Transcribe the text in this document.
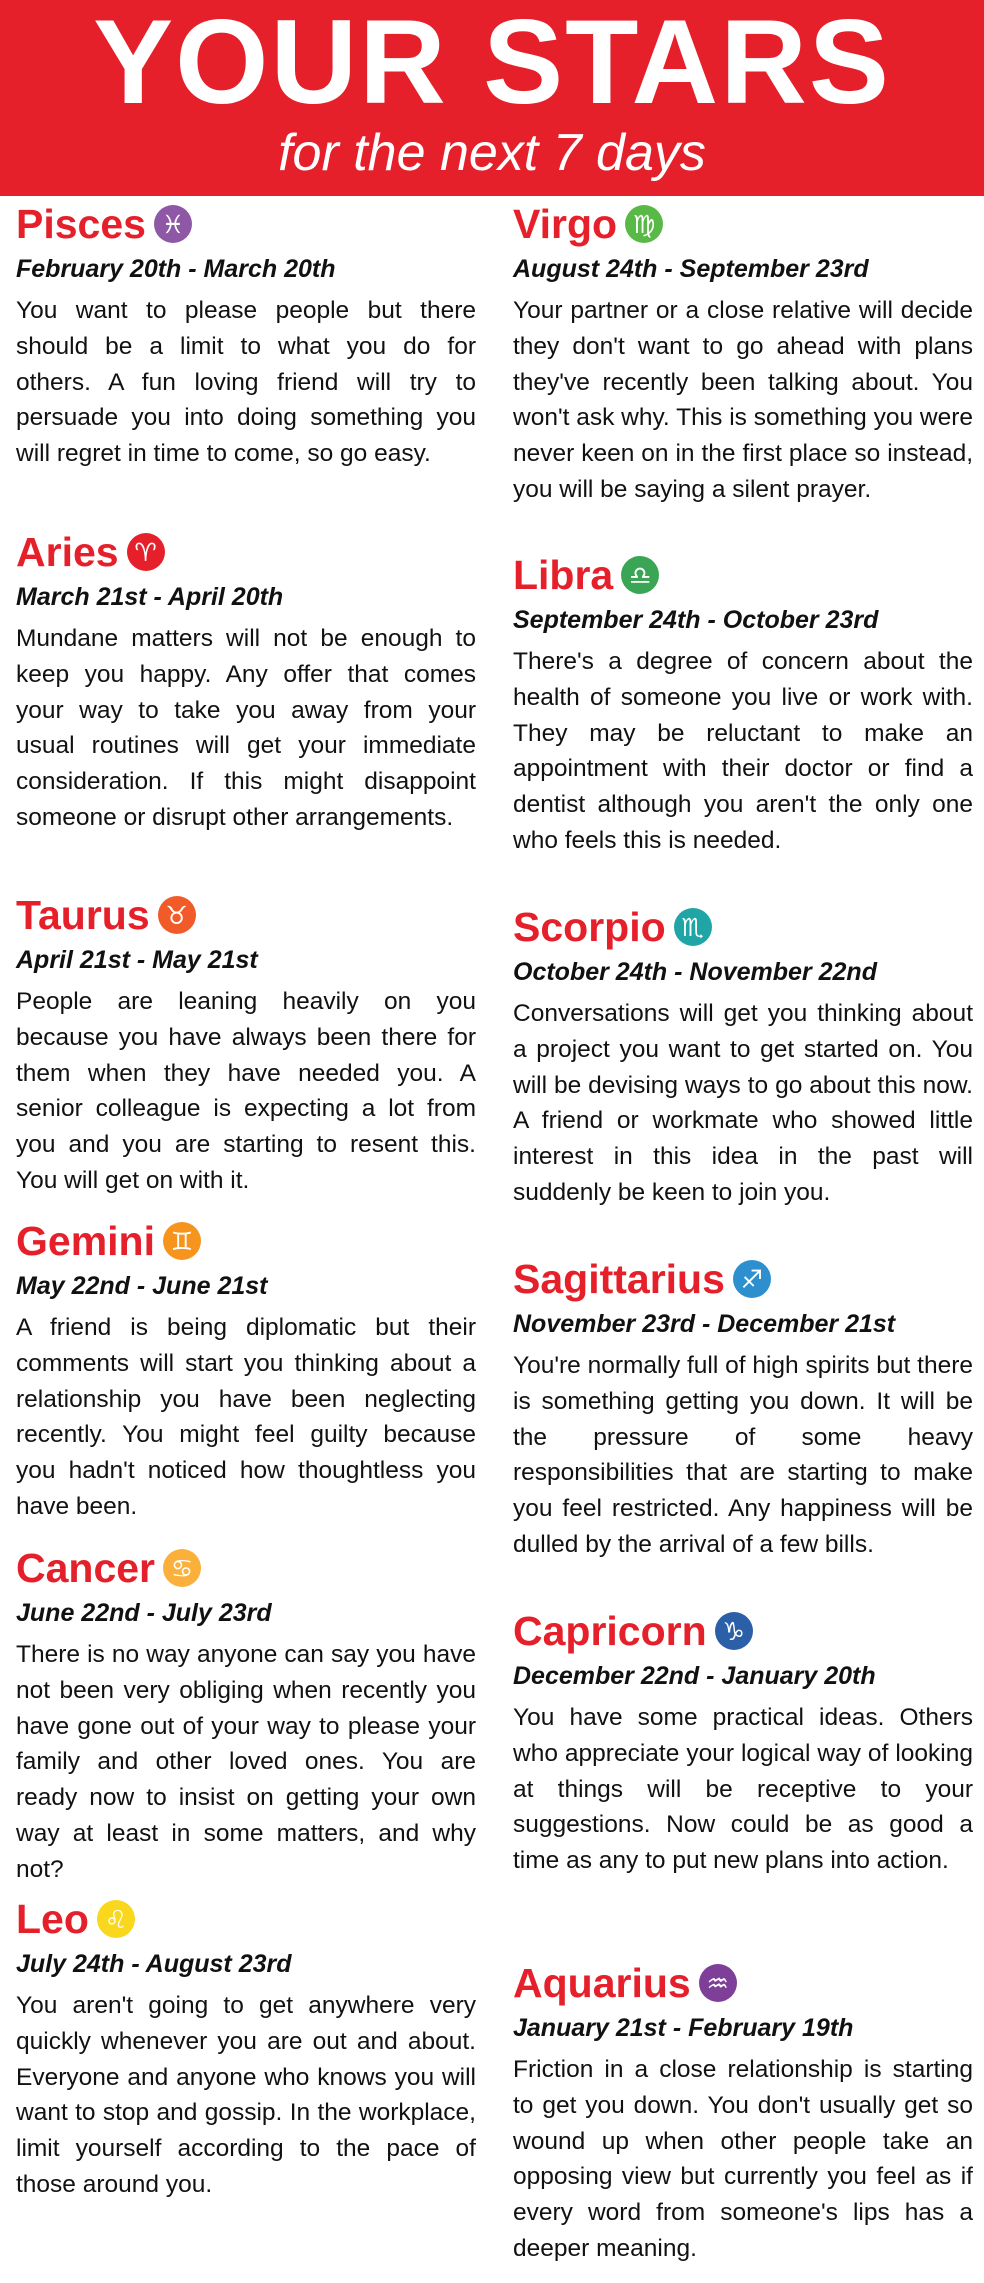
YOUR STARS
for the next 7 days
Pisces ♓
February 20th - March 20th
You want to please people but there should be a limit to what you do for others. A fun loving friend will try to persuade you into doing something you will regret in time to come, so go easy.
Aries ♈
March 21st - April 20th
Mundane matters will not be enough to keep you happy. Any offer that comes your way to take you away from your usual routines will get your immediate consideration. If this might disappoint someone or disrupt other arrangements.
Taurus ♉
April 21st - May 21st
People are leaning heavily on you because you have always been there for them when they have needed you. A senior colleague is expecting a lot from you and you are starting to resent this. You will get on with it.
Gemini ♊
May 22nd - June 21st
A friend is being diplomatic but their comments will start you thinking about a relationship you have been neglecting recently. You might feel guilty because you hadn't noticed how thoughtless you have been.
Cancer ♋
June 22nd - July 23rd
There is no way anyone can say you have not been very obliging when recently you have gone out of your way to please your family and other loved ones. You are ready now to insist on getting your own way at least in some matters, and why not?
Leo ♌
July 24th - August 23rd
You aren't going to get anywhere very quickly whenever you are out and about. Everyone and anyone who knows you will want to stop and gossip. In the workplace, limit yourself according to the pace of those around you.
Virgo ♍
August 24th - September 23rd
Your partner or a close relative will decide they don't want to go ahead with plans they've recently been talking about. You won't ask why. This is something you were never keen on in the first place so instead, you will be saying a silent prayer.
Libra ♎
September 24th - October 23rd
There's a degree of concern about the health of someone you live or work with. They may be reluctant to make an appointment with their doctor or find a dentist although you aren't the only one who feels this is needed.
Scorpio ♏
October 24th - November 22nd
Conversations will get you thinking about a project you want to get started on. You will be devising ways to go about this now. A friend or workmate who showed little interest in this idea in the past will suddenly be keen to join you.
Sagittarius ♐
November 23rd - December 21st
You're normally full of high spirits but there is something getting you down. It will be the pressure of some heavy responsibilities that are starting to make you feel restricted. Any happiness will be dulled by the arrival of a few bills.
Capricorn ♑
December 22nd - January 20th
You have some practical ideas. Others who appreciate your logical way of looking at things will be receptive to your suggestions. Now could be as good a time as any to put new plans into action.
Aquarius ♒
January 21st - February 19th
Friction in a close relationship is starting to get you down. You don't usually get so wound up when other people take an opposing view but currently you feel as if every word from someone's lips has a deeper meaning.
